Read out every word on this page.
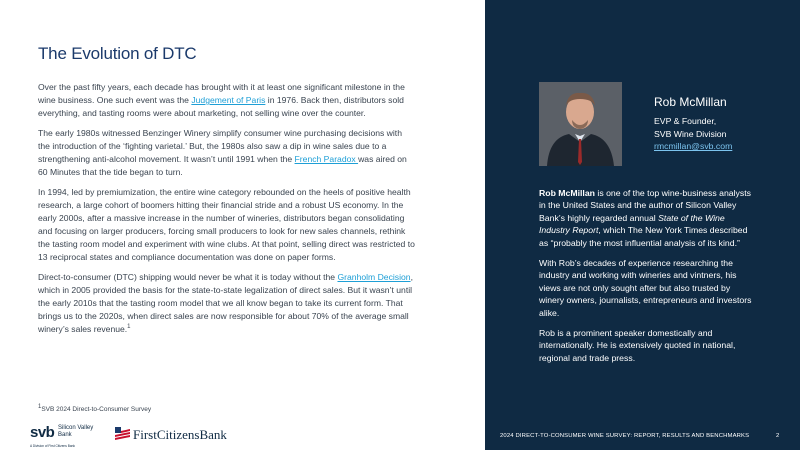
The Evolution of DTC

Over the past fifty years, each decade has brought with it at least one significant milestone in the wine business. One such event was the Judgement of Paris in 1976. Back then, distributors sold everything, and tasting rooms were about marketing, not selling wine over the counter.

The early 1980s witnessed Benzinger Winery simplify consumer wine purchasing decisions with the introduction of the ‘fighting varietal.’ But, the 1980s also saw a dip in wine sales due to a strengthening anti-alcohol movement. It wasn’t until 1991 when the French Paradox was aired on 60 Minutes that the tide began to turn.

In 1994, led by premiumization, the entire wine category rebounded on the heels of positive health research, a large cohort of boomers hitting their financial stride and a robust US economy. In the early 2000s, after a massive increase in the number of wineries, distributors began consolidating and focusing on larger producers, forcing small producers to look for new sales channels, rethink the tasting room model and experiment with wine clubs. At that point, selling direct was restricted to 13 reciprocal states and compliance documentation was done on paper forms.

Direct-to-consumer (DTC) shipping would never be what it is today without the Granholm Decision, which in 2005 provided the basis for the state-to-state legalization of direct sales. But it wasn’t until the early 2010s that the tasting room model that we all know began to take its current form. That brings us to the 2020s, when direct sales are now responsible for about 70% of the average small winery’s sales revenue.$^1$

$^1$SVB 2024 Direct-to-Consumer Survey
svb Silicon Valley Bank
A Division of First Citizens Bank
FirstCitizensBank
Rob McMillan
EVP & Founder,
SVB Wine Division
rmcmillan@svb.com

Rob McMillan is one of the top wine-business analysts in the United States and the author of Silicon Valley Bank’s highly regarded annual State of the Wine Industry Report, which The New York Times described as “probably the most influential analysis of its kind.”

With Rob’s decades of experience researching the industry and working with wineries and vintners, his views are not only sought after but also trusted by winery owners, journalists, entrepreneurs and investors alike.

Rob is a prominent speaker domestically and internationally. He is extensively quoted in national, regional and trade press.

2024 DIRECT-TO-CONSUMER WINE SURVEY: REPORT, RESULTS AND BENCHMARKS	2
